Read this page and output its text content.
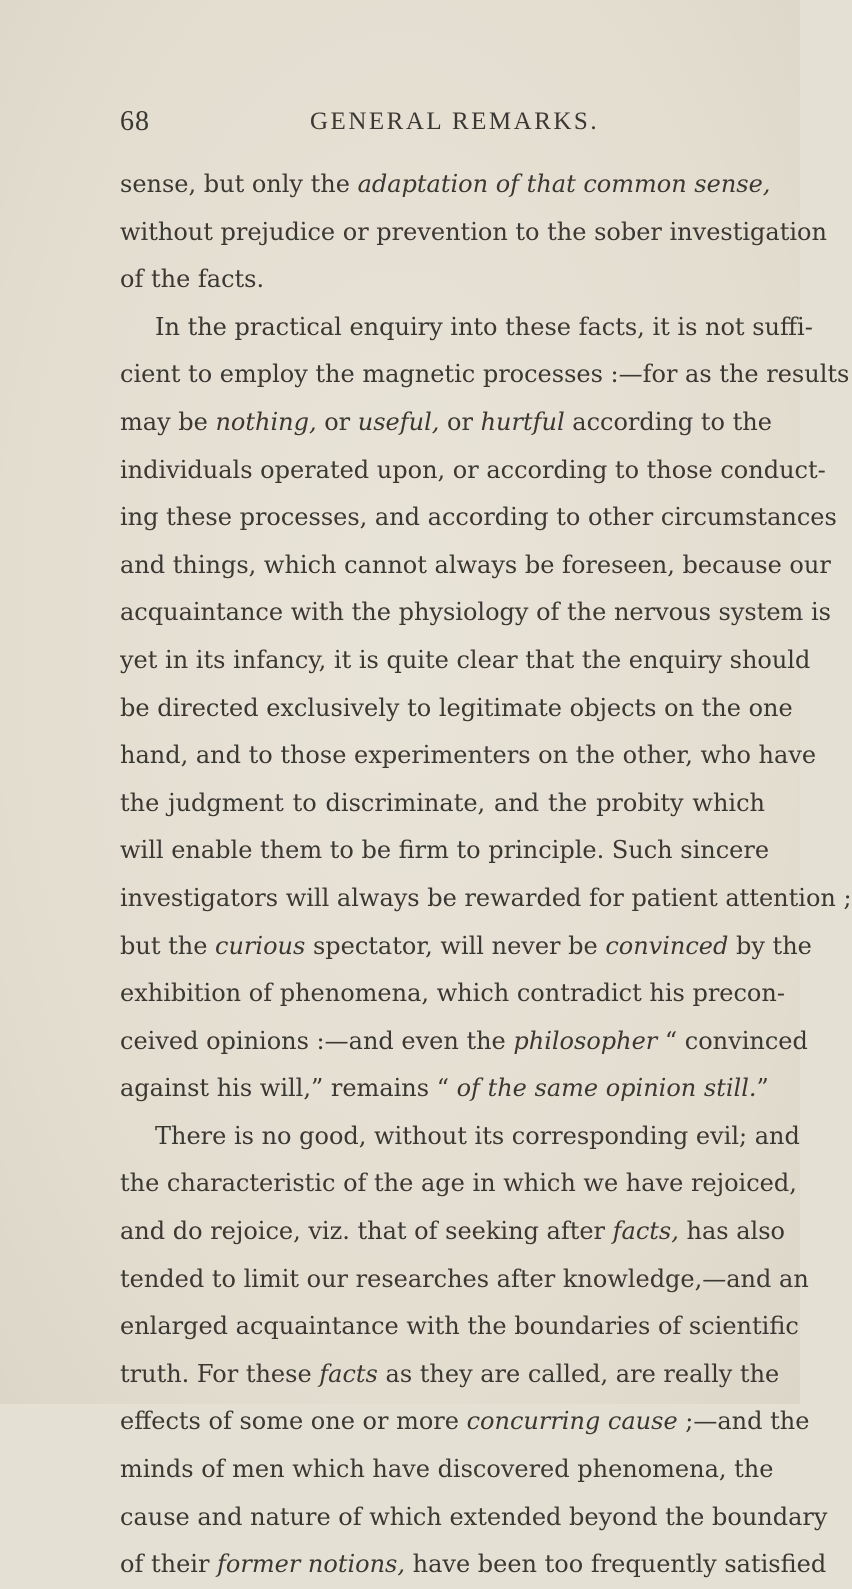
68	GENERAL REMARKS.
sense, but only the adaptation of that common sense,
without prejudice or prevention to the sober investigation
of the facts.
In the practical enquiry into these facts, it is not suffi-
cient to employ the magnetic processes :—for as the results
may be nothing, or useful, or hurtful according to the
individuals operated upon, or according to those conduct-
ing these processes, and according to other circumstances
and things, which cannot always be foreseen, because our
acquaintance with the physiology of the nervous system is
yet in its infancy, it is quite clear that the enquiry should
be directed exclusively to legitimate objects on the one
hand, and to those experimenters on the other, who have
the judgment to discriminate, and the probity which
will enable them to be firm to principle. Such sincere
investigators will always be rewarded for patient attention ;
but the curious spectator, will never be convinced by the
exhibition of phenomena, which contradict his precon-
ceived opinions :—and even the philosopher “ convinced
against his will,” remains “ of the same opinion still.”
There is no good, without its corresponding evil; and
the characteristic of the age in which we have rejoiced,
and do rejoice, viz. that of seeking after facts, has also
tended to limit our researches after knowledge,—and an
enlarged acquaintance with the boundaries of scientific
truth. For these facts as they are called, are really the
effects of some one or more concurring cause ;—and the
minds of men which have discovered phenomena, the
cause and nature of which extended beyond the boundary
of their former notions, have been too frequently satisfied
